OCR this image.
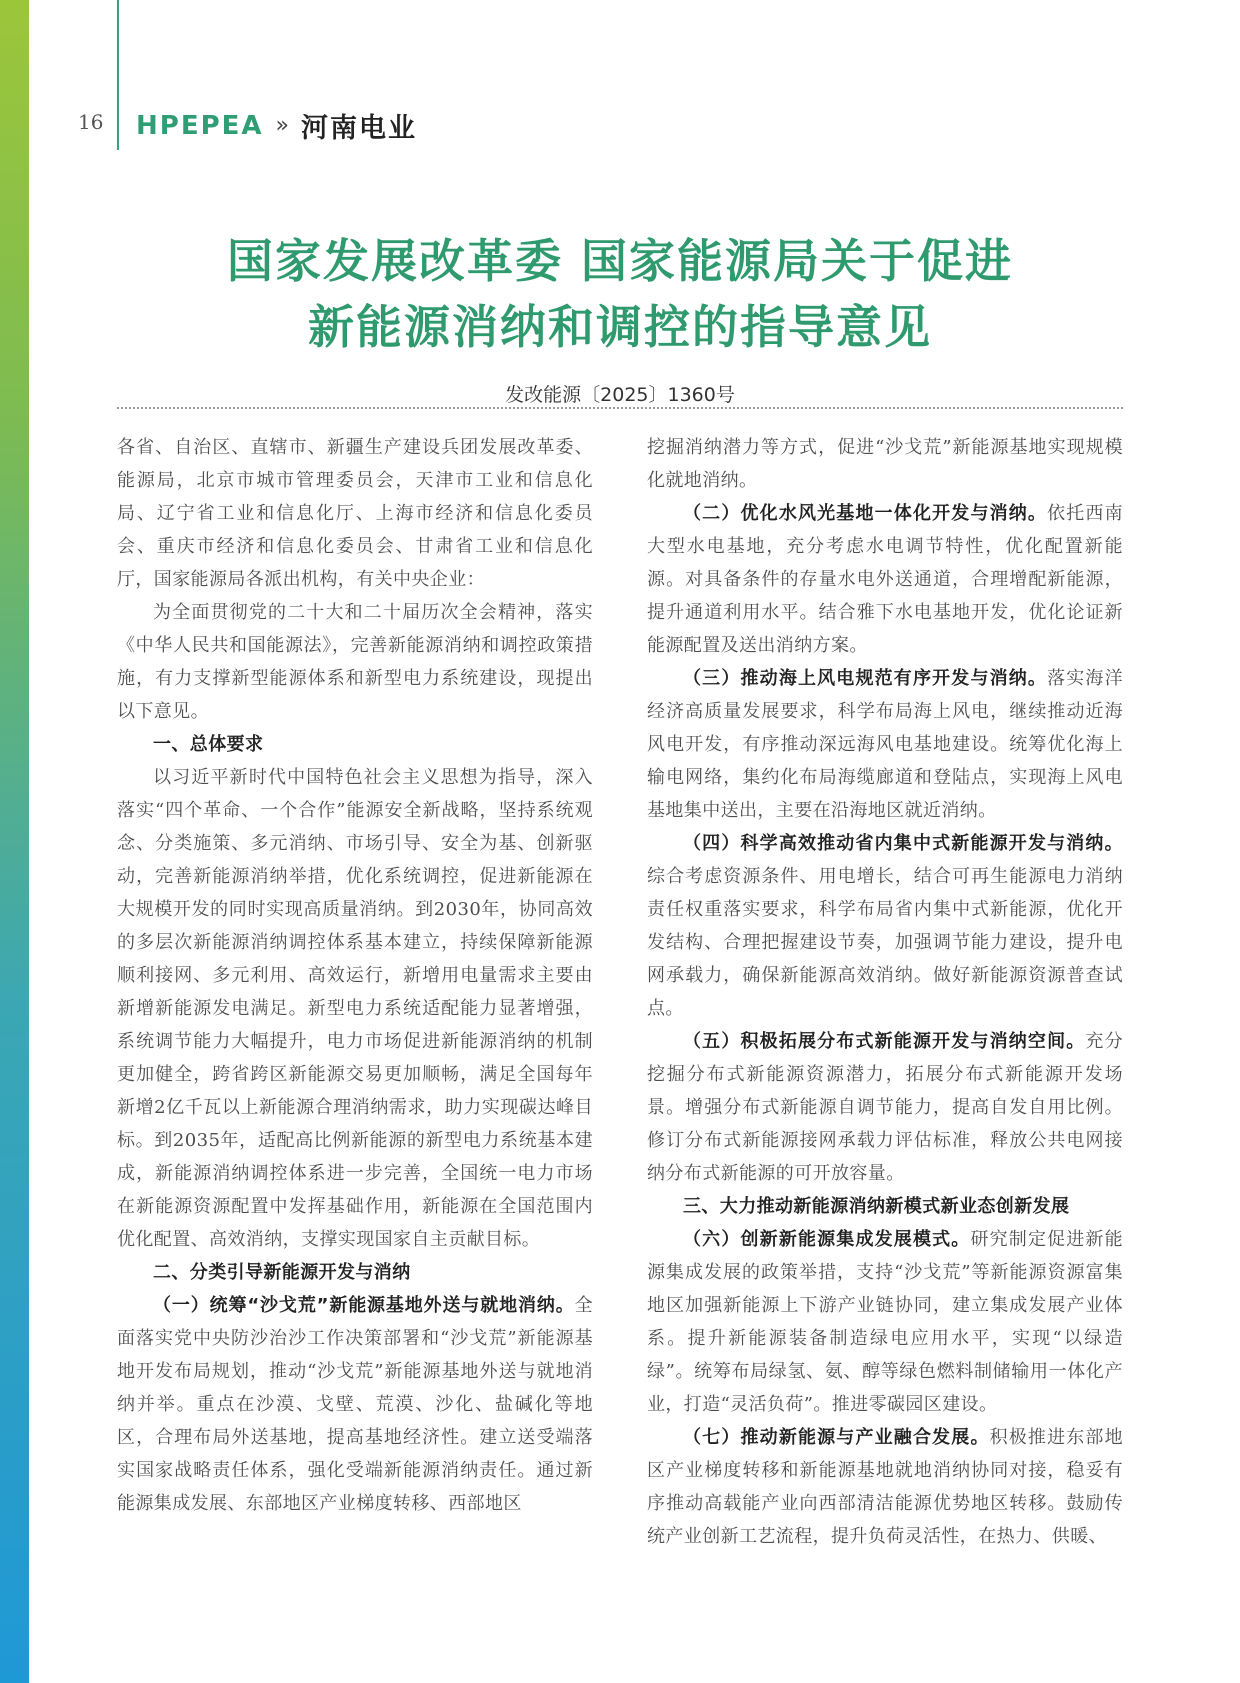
16 HPEPEA » 河南电业
国家发展改革委 国家能源局关于促进
新能源消纳和调控的指导意见
发改能源〔2025〕1360号

各省、自治区、直辖市、新疆生产建设兵团发展改革委、能源局，北京市城市管理委员会，天津市工业和信息化局、辽宁省工业和信息化厅、上海市经济和信息化委员会、重庆市经济和信息化委员会、甘肃省工业和信息化厅，国家能源局各派出机构，有关中央企业：

为全面贯彻党的二十大和二十届历次全会精神，落实《中华人民共和国能源法》，完善新能源消纳和调控政策措施，有力支撑新型能源体系和新型电力系统建设，现提出以下意见。

一、总体要求

以习近平新时代中国特色社会主义思想为指导，深入落实“四个革命、一个合作”能源安全新战略，坚持系统观念、分类施策、多元消纳、市场引导、安全为基、创新驱动，完善新能源消纳举措，优化系统调控，促进新能源在大规模开发的同时实现高质量消纳。到2030年，协同高效的多层次新能源消纳调控体系基本建立，持续保障新能源顺利接网、多元利用、高效运行，新增用电量需求主要由新增新能源发电满足。新型电力系统适配能力显著增强，系统调节能力大幅提升，电力市场促进新能源消纳的机制更加健全，跨省跨区新能源交易更加顺畅，满足全国每年新增2亿千瓦以上新能源合理消纳需求，助力实现碳达峰目标。到2035年，适配高比例新能源的新型电力系统基本建成，新能源消纳调控体系进一步完善，全国统一电力市场在新能源资源配置中发挥基础作用，新能源在全国范围内优化配置、高效消纳，支撑实现国家自主贡献目标。

二、分类引导新能源开发与消纳

（一）统筹“沙戈荒”新能源基地外送与就地消纳。全面落实党中央防沙治沙工作决策部署和“沙戈荒”新能源基地开发布局规划，推动“沙戈荒”新能源基地外送与就地消纳并举。重点在沙漠、戈壁、荒漠、沙化、盐碱化等地区，合理布局外送基地，提高基地经济性。建立送受端落实国家战略责任体系，强化受端新能源消纳责任。通过新能源集成发展、东部地区产业梯度转移、西部地区

挖掘消纳潜力等方式，促进“沙戈荒”新能源基地实现规模化就地消纳。

（二）优化水风光基地一体化开发与消纳。依托西南大型水电基地，充分考虑水电调节特性，优化配置新能源。对具备条件的存量水电外送通道，合理增配新能源，提升通道利用水平。结合雅下水电基地开发，优化论证新能源配置及送出消纳方案。

（三）推动海上风电规范有序开发与消纳。落实海洋经济高质量发展要求，科学布局海上风电，继续推动近海风电开发，有序推动深远海风电基地建设。统筹优化海上输电网络，集约化布局海缆廊道和登陆点，实现海上风电基地集中送出，主要在沿海地区就近消纳。

（四）科学高效推动省内集中式新能源开发与消纳。综合考虑资源条件、用电增长，结合可再生能源电力消纳责任权重落实要求，科学布局省内集中式新能源，优化开发结构、合理把握建设节奏，加强调节能力建设，提升电网承载力，确保新能源高效消纳。做好新能源资源普查试点。

（五）积极拓展分布式新能源开发与消纳空间。充分挖掘分布式新能源资源潜力，拓展分布式新能源开发场景。增强分布式新能源自调节能力，提高自发自用比例。修订分布式新能源接网承载力评估标准，释放公共电网接纳分布式新能源的可开放容量。

三、大力推动新能源消纳新模式新业态创新发展

（六）创新新能源集成发展模式。研究制定促进新能源集成发展的政策举措，支持“沙戈荒”等新能源资源富集地区加强新能源上下游产业链协同，建立集成发展产业体系。提升新能源装备制造绿电应用水平，实现“以绿造绿”。统筹布局绿氢、氨、醇等绿色燃料制储输用一体化产业，打造“灵活负荷”。推进零碳园区建设。

（七）推动新能源与产业融合发展。积极推进东部地区产业梯度转移和新能源基地就地消纳协同对接，稳妥有序推动高载能产业向西部清洁能源优势地区转移。鼓励传统产业创新工艺流程，提升负荷灵活性，在热力、供暖、
